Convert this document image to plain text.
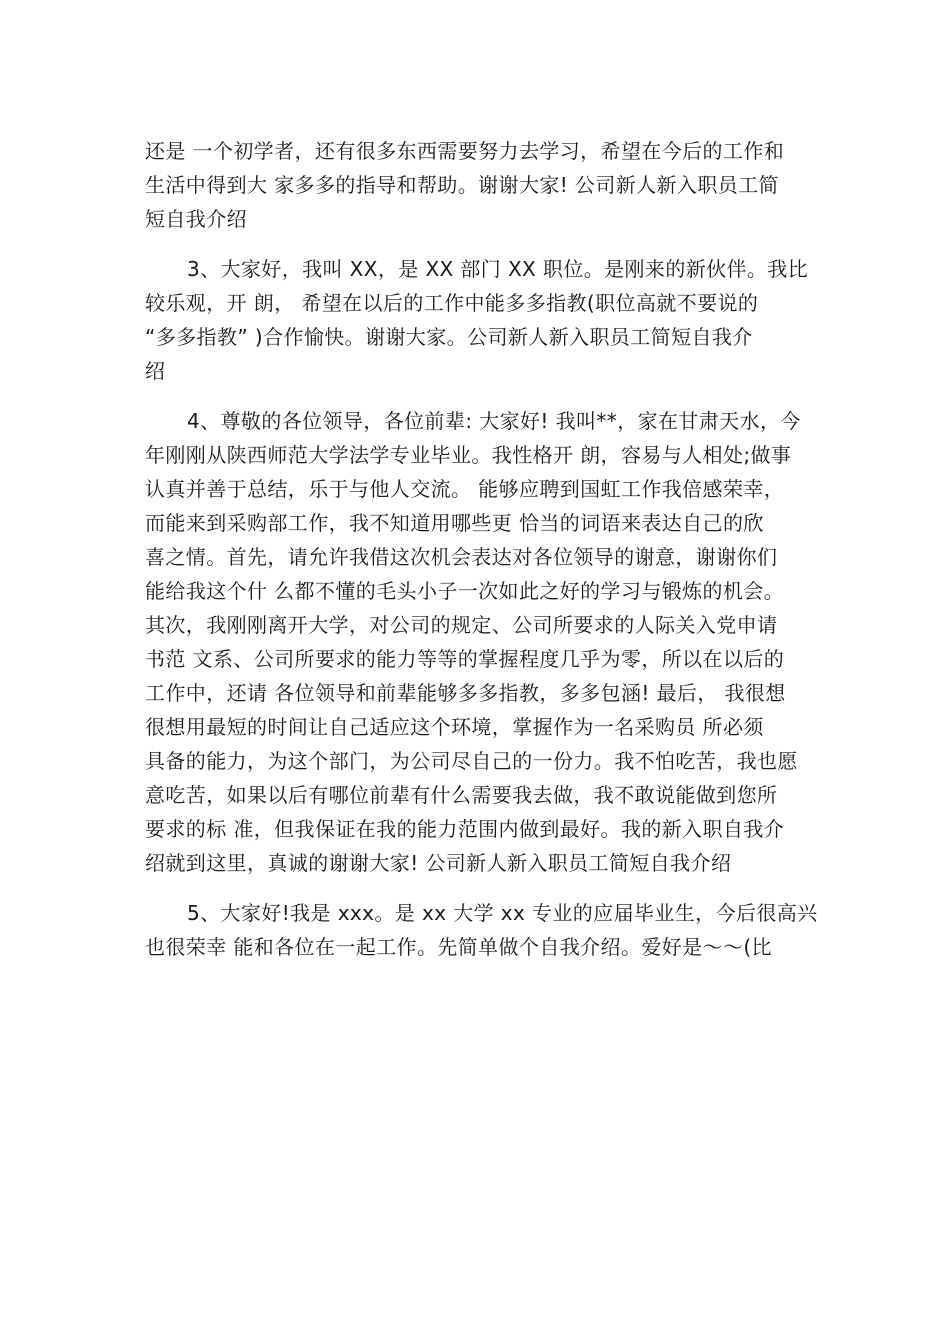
还是 一个初学者，还有很多东西需要努力去学习，希望在今后的工作和
生活中得到大 家多多的指导和帮助。谢谢大家! 公司新人新入职员工简
短自我介绍

3、大家好，我叫 XX，是 XX 部门 XX 职位。是刚来的新伙伴。我比
较乐观，开 朗， 希望在以后的工作中能多多指教(职位高就不要说的
“多多指教” )合作愉快。谢谢大家。公司新人新入职员工简短自我介
绍

4、尊敬的各位领导，各位前辈: 大家好! 我叫**，家在甘肃天水，今
年刚刚从陕西师范大学法学专业毕业。我性格开 朗，容易与人相处;做事
认真并善于总结，乐于与他人交流。 能够应聘到国虹工作我倍感荣幸，
而能来到采购部工作，我不知道用哪些更 恰当的词语来表达自己的欣
喜之情。首先，请允许我借这次机会表达对各位领导的谢意，谢谢你们
能给我这个什 么都不懂的毛头小子一次如此之好的学习与锻炼的机会。
其次，我刚刚离开大学，对公司的规定、公司所要求的人际关入党申请
书范 文系、公司所要求的能力等等的掌握程度几乎为零，所以在以后的
工作中，还请 各位领导和前辈能够多多指教，多多包涵! 最后， 我很想
很想用最短的时间让自己适应这个环境，掌握作为一名采购员 所必须
具备的能力，为这个部门，为公司尽自己的一份力。我不怕吃苦，我也愿
意吃苦，如果以后有哪位前辈有什么需要我去做，我不敢说能做到您所
要求的标 准，但我保证在我的能力范围内做到最好。我的新入职自我介
绍就到这里，真诚的谢谢大家! 公司新人新入职员工简短自我介绍

5、大家好!我是 xxx。是 xx 大学 xx 专业的应届毕业生，今后很高兴
也很荣幸 能和各位在一起工作。先简单做个自我介绍。爱好是～～(比
